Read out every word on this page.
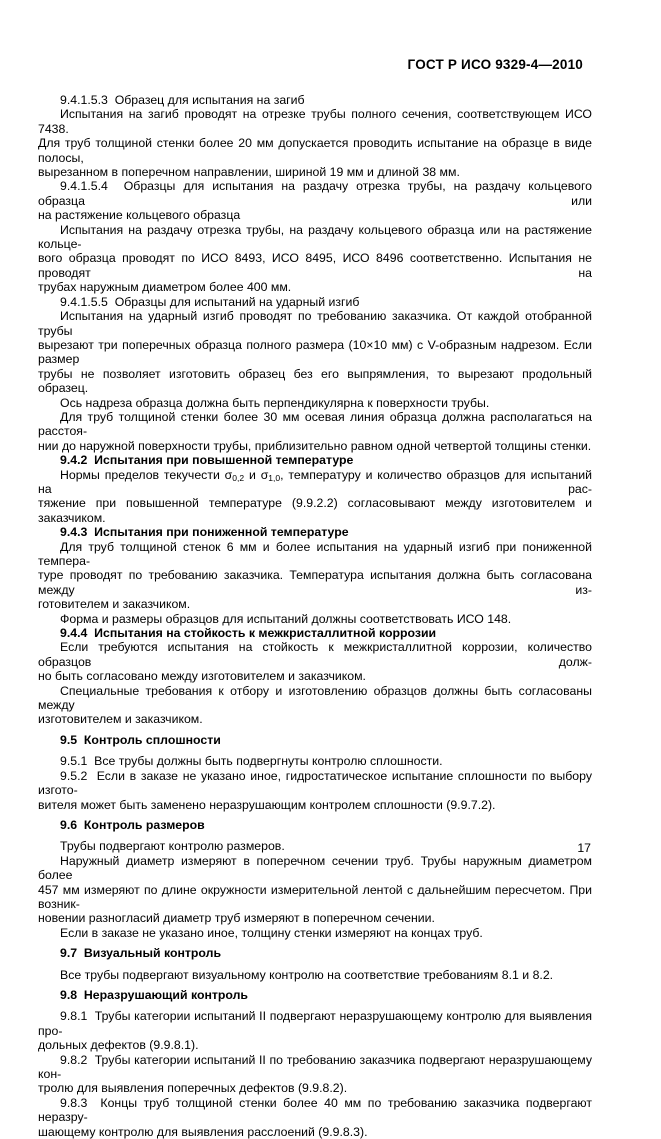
ГОСТ Р ИСО 9329-4—2010
9.4.1.5.3  Образец для испытания на загиб
Испытания на загиб проводят на отрезке трубы полного сечения, соответствующем ИСО 7438.
Для труб толщиной стенки более 20 мм допускается проводить испытание на образце в виде полосы,
вырезанном в поперечном направлении, шириной 19 мм и длиной 38 мм.
9.4.1.5.4  Образцы для испытания на раздачу отрезка трубы, на раздачу кольцевого образца или
на растяжение кольцевого образца
Испытания на раздачу отрезка трубы, на раздачу кольцевого образца или на растяжение кольце-
вого образца проводят по ИСО 8493, ИСО 8495, ИСО 8496 соответственно. Испытания не проводят на
трубах наружным диаметром более 400 мм.
9.4.1.5.5  Образцы для испытаний на ударный изгиб
Испытания на ударный изгиб проводят по требованию заказчика. От каждой отобранной трубы
вырезают три поперечных образца полного размера (10×10 мм) с V-образным надрезом. Если размер
трубы не позволяет изготовить образец без его выпрямления, то вырезают продольный образец.
Ось надреза образца должна быть перпендикулярна к поверхности трубы.
Для труб толщиной стенки более 30 мм осевая линия образца должна располагаться на расстоя-
нии до наружной поверхности трубы, приблизительно равном одной четвертой толщины стенки.
9.4.2  Испытания при повышенной температуре
Нормы пределов текучести $\sigma_{0,2}$ и $\sigma_{1,0}$, температуру и количество образцов для испытаний на рас-
тяжение при повышенной температуре (9.9.2.2) согласовывают между изготовителем и заказчиком.
9.4.3  Испытания при пониженной температуре
Для труб толщиной стенок 6 мм и более испытания на ударный изгиб при пониженной темпера-
туре проводят по требованию заказчика. Температура испытания должна быть согласована между из-
готовителем и заказчиком.
Форма и размеры образцов для испытаний должны соответствовать ИСО 148.
9.4.4  Испытания на стойкость к межкристаллитной коррозии
Если требуются испытания на стойкость к межкристаллитной коррозии, количество образцов долж-
но быть согласовано между изготовителем и заказчиком.
Специальные требования к отбору и изготовлению образцов должны быть согласованы между
изготовителем и заказчиком.
9.5  Контроль сплошности
9.5.1  Все трубы должны быть подвергнуты контролю сплошности.
9.5.2  Если в заказе не указано иное, гидростатическое испытание сплошности по выбору изгото-
вителя может быть заменено неразрушающим контролем сплошности (9.9.7.2).
9.6  Контроль размеров
Трубы подвергают контролю размеров.
Наружный диаметр измеряют в поперечном сечении труб. Трубы наружным диаметром более
457 мм измеряют по длине окружности измерительной лентой с дальнейшим пересчетом. При возник-
новении разногласий диаметр труб измеряют в поперечном сечении.
Если в заказе не указано иное, толщину стенки измеряют на концах труб.
9.7  Визуальный контроль
Все трубы подвергают визуальному контролю на соответствие требованиям 8.1 и 8.2.
9.8  Неразрушающий контроль
9.8.1  Трубы категории испытаний II подвергают неразрушающему контролю для выявления про-
дольных дефектов (9.9.8.1).
9.8.2  Трубы категории испытаний II по требованию заказчика подвергают неразрушающему кон-
тролю для выявления поперечных дефектов (9.9.8.2).
9.8.3  Концы труб толщиной стенки более 40 мм по требованию заказчика подвергают неразру-
шающему контролю для выявления расслоений (9.9.8.3).
17
